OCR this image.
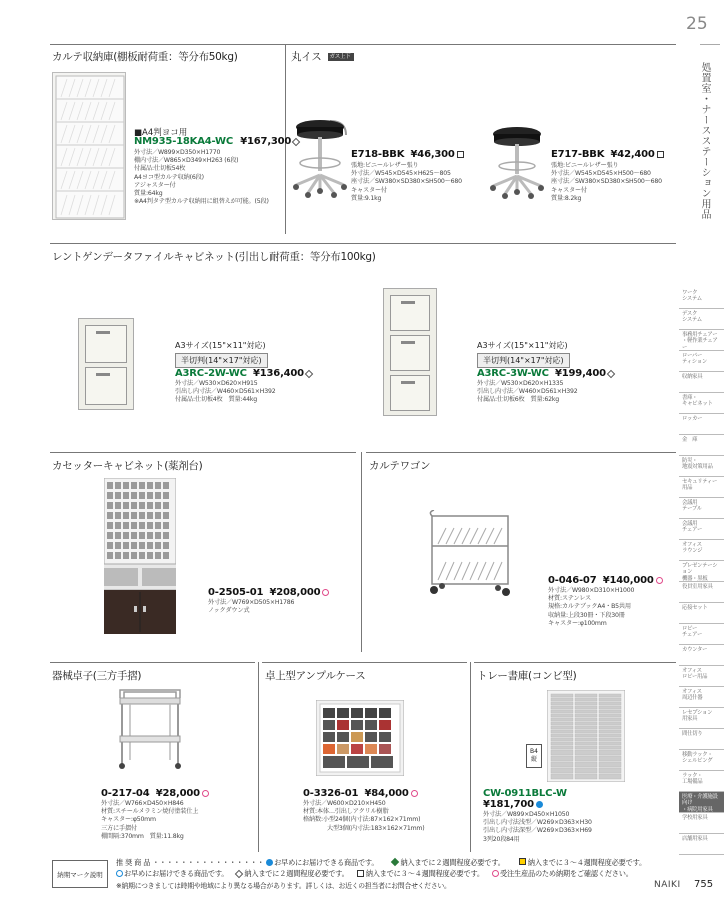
25
処置室・ナースステーション用品
カルテ収納庫(棚板耐荷重：等分布50kg)
■A4判ヨコ用
NM935-18KA4-WC ¥167,300
外寸法／W899×D350×H1770
棚内寸法／W865×D349×H263 (6段)
付属品:仕切板54枚
A4ヨコ型カルテ収納(6段)
アジャスター付
質量:64kg
※A4判タテ型カルテ収納用に組替えが可能。(5段)
丸イス ガス上下
E718-BBK ¥46,300
張地:ビニールレザー張り
外寸法／W545×D545×H625～805
座寸法／SW380×SD380×SH500～680
キャスター付
質量:9.1kg
E717-BBK ¥42,400
張地:ビニールレザー張り
外寸法／W545×D545×H500～680
座寸法／SW380×SD380×SH500～680
キャスター付
質量:8.2kg
レントゲンデータファイルキャビネット(引出し耐荷重：等分布100kg)
A3サイズ(15"×11"対応)
半切判(14"×17"対応)
A3RC-2W-WC ¥136,400
外寸法／W530×D620×H915
引出し内寸法／W460×D561×H392
付属品:仕切板4枚　質量:44kg
A3サイズ(15"×11"対応)
半切判(14"×17"対応)
A3RC-3W-WC ¥199,400
外寸法／W530×D620×H1335
引出し内寸法／W460×D561×H392
付属品:仕切板6枚　質量:62kg
カセッターキャビネット(薬剤台)	カルテワゴン
0-2505-01 ¥208,000
外寸法／W769×D505×H1786
ノックダウン式
0-046-07 ¥140,000
外寸法／W980×D310×H1000
材質:ステンレス
規格:カルテブックA4・B5共用
収納量:上段30冊・下段30冊
キャスター:φ100mm
器械卓子(三方手摺)	卓上型アンプルケース	トレー書庫(コンビ型)
0-217-04 ¥28,000
外寸法／W766×D450×H846
材質:スチールメラミン焼付塗装仕上
キャスター:φ50mm
三方に手摺付
棚間隔:370mm　質量:11.8kg
0-3326-01 ¥84,000
外寸法／W600×D210×H450
材質:本体…引出しアクリル樹脂
格納数:小型24個(内寸法:87×162×71mm)
　　　　大型3個(内寸法:183×162×71mm)
B4縦
CW-0911BLC-W
¥181,700
外寸法／W899×D450×H1050
引出し内寸法浅型／W269×D363×H30
引出し内寸法深型／W269×D363×H69
3列20段84用
納期マーク説明
推 奨 商 品 ・・・・・・・・・・・・・・・・ お早めにお届けできる商品です。	納入までに２週間程度必要です。	納入までに３～４週間程度必要です。
お早めにお届けできる商品です。 納入までに２週間程度必要です。 納入までに３～４週間程度必要です。 受注生産品のため納期をご確認ください。
※納期につきましては時期や地域により異なる場合があります。詳しくは、お近くの担当者にお問合せください。	NAIKI 755
ワーク
システム
デスク
システム
事務用チェアー
・軽作業チェアー
ローパー
ティション
収納家具
書庫・
キャビネット
ロッカー
金　庫
防災・
地震対策用品
セキュリティー
用品
会議用
テーブル
会議用
チェアー
オフィス
ラウンジ
プレゼンテーション
機器・黒板
役員室用家具
応接セット
ロビー
チェアー
カウンター
オフィス
ロビー用品
オフィス
周辺什器
レセプション
用家具
間仕切り
移動ラック・
シェルビング
ラック・
工場備品
医療・介護施設向け
・病院用家具
学校用家具
店舗用家具
